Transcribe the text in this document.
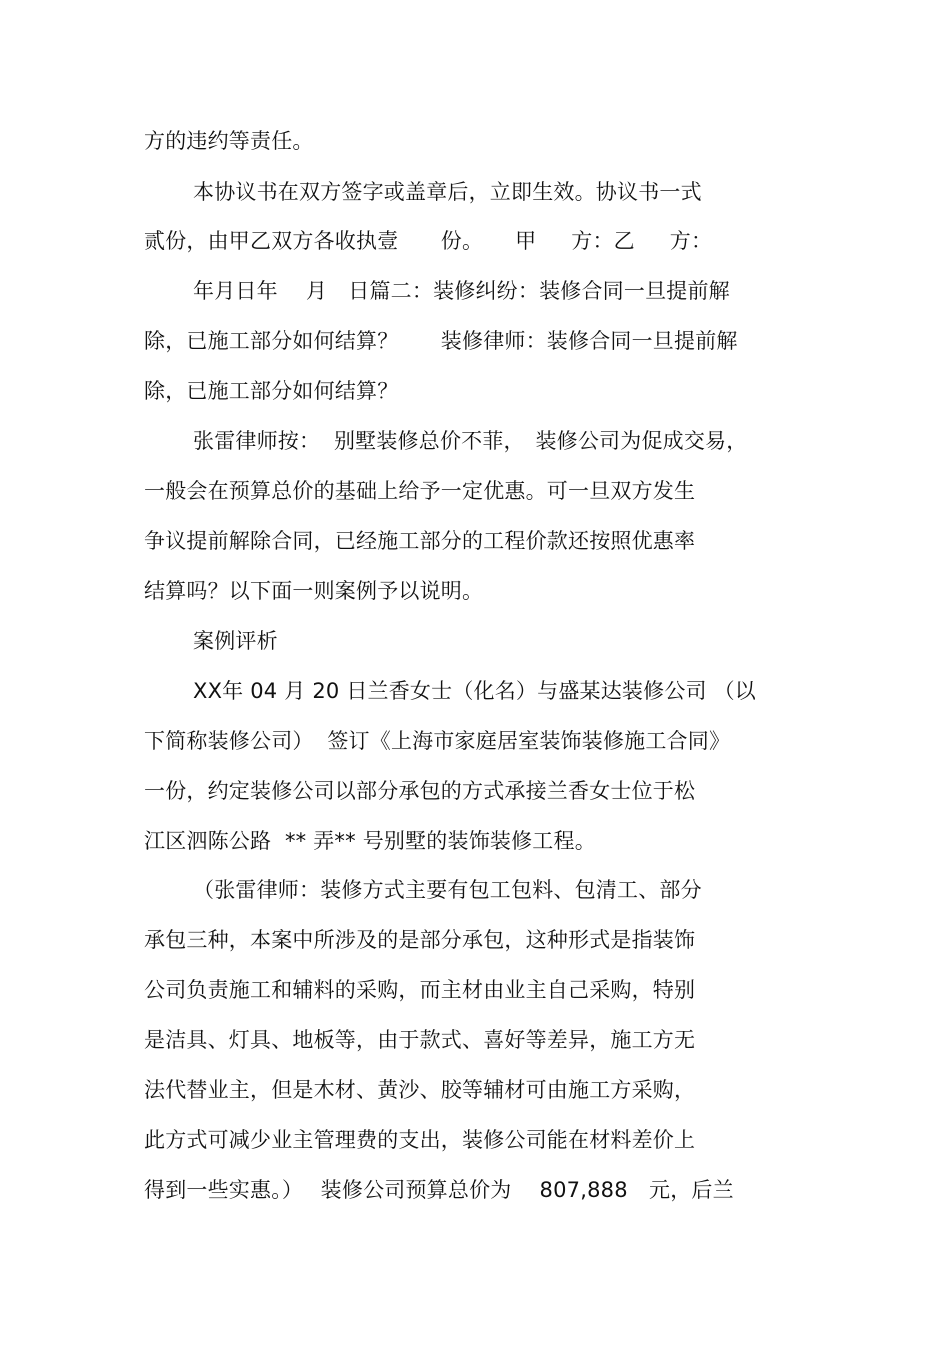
方的违约等责任。
本协议书在双方签字或盖章后，立即生效。协议书一式
贰份，由甲乙双方各收执壹　　份。　　甲　  方：乙　  方：
年月日年　 月　日篇二：装修纠纷：装修合同一旦提前解
除，已施工部分如何结算？　　装修律师：装修合同一旦提前解
除，已施工部分如何结算？
张雷律师按：  别墅装修总价不菲，　装修公司为促成交易，
一般会在预算总价的基础上给予一定优惠。可一旦双方发生
争议提前解除合同，已经施工部分的工程价款还按照优惠率
结算吗？以下面一则案例予以说明。
案例评析
XX年 04 月 20 日兰香女士（化名）与盛某达装修公司 （以
下简称装修公司）  签订《上海市家庭居室装饰装修施工合同》
一份，约定装修公司以部分承包的方式承接兰香女士位于松
江区泗陈公路  ** 弄** 号别墅的装饰装修工程。
（张雷律师：装修方式主要有包工包料、包清工、部分
承包三种，本案中所涉及的是部分承包，这种形式是指装饰
公司负责施工和辅料的采购，而主材由业主自己采购，特别
是洁具、灯具、地板等，由于款式、喜好等差异，施工方无
法代替业主，但是木材、黄沙、胶等辅材可由施工方采购，
此方式可减少业主管理费的支出，装修公司能在材料差价上
得到一些实惠。）　 装修公司预算总价为　 807,888　元，后兰
